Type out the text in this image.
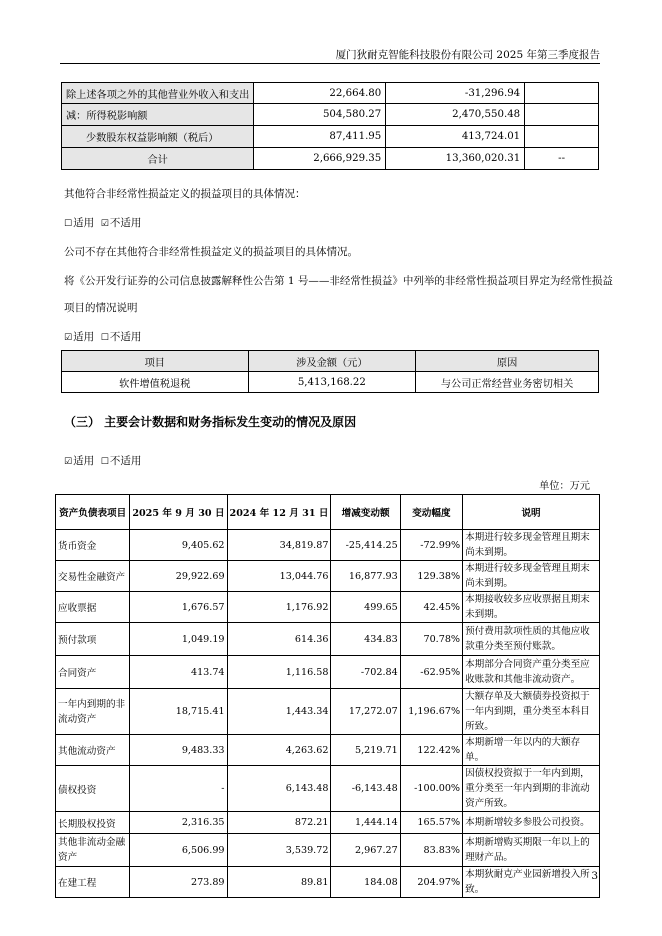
厦门狄耐克智能科技股份有限公司 2025 年第三季度报告
除上述各项之外的其他营业外收入和支出	22,664.80	-31,296.94	
减：所得税影响额	504,580.27	2,470,550.48	
少数股东权益影响额（税后）	87,411.95	413,724.01	
合计	2,666,929.35	13,360,020.31	--
其他符合非经常性损益定义的损益项目的具体情况：
☐适用 ☑不适用
公司不存在其他符合非经常性损益定义的损益项目的具体情况。
将《公开发行证券的公司信息披露解释性公告第 1 号——非经常性损益》中列举的非经常性损益项目界定为经常性损益
项目的情况说明
☑适用 ☐不适用
项目	涉及金额（元）	原因
软件增值税退税	5,413,168.22	与公司正常经营业务密切相关
（三） 主要会计数据和财务指标发生变动的情况及原因
☑适用 ☐不适用
单位：万元
资产负债表项目	2025 年 9 月 30 日	2024 年 12 月 31 日	增减变动额	变动幅度	说明
货币资金	9,405.62	34,819.87	-25,414.25	-72.99%	本期进行较多现金管理且期末尚未到期。
交易性金融资产	29,922.69	13,044.76	16,877.93	129.38%	本期进行较多现金管理且期末尚未到期。
应收票据	1,676.57	1,176.92	499.65	42.45%	本期接收较多应收票据且期末未到期。
预付款项	1,049.19	614.36	434.83	70.78%	预付费用款项性质的其他应收款重分类至预付账款。
合同资产	413.74	1,116.58	-702.84	-62.95%	本期部分合同资产重分类至应收账款和其他非流动资产。
一年内到期的非流动资产	18,715.41	1,443.34	17,272.07	1,196.67%	大额存单及大额债券投资拟于一年内到期，重分类至本科目所致。
其他流动资产	9,483.33	4,263.62	5,219.71	122.42%	本期新增一年以内的大额存单。
债权投资	-	6,143.48	-6,143.48	-100.00%	因债权投资拟于一年内到期，重分类至一年内到期的非流动资产所致。
长期股权投资	2,316.35	872.21	1,444.14	165.57%	本期新增较多参股公司投资。
其他非流动金融资产	6,506.99	3,539.72	2,967.27	83.83%	本期新增购买期限一年以上的理财产品。
在建工程	273.89	89.81	184.08	204.97%	本期狄耐克产业园新增投入所致。
3
